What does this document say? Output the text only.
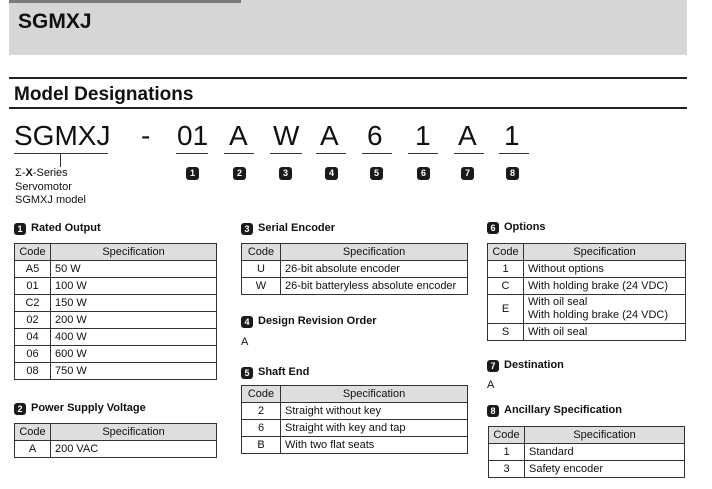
SGMXJ
Model Designations
SGMXJ - 01 A W A 6 1 A 1
1	2	3	4	5	6	7	8
Σ-X-Series
Servomotor
SGMXJ model
1 Rated Output
Code	Specification
A5	50 W
01	100 W
C2	150 W
02	200 W
04	400 W
06	600 W
08	750 W
2 Power Supply Voltage
Code	Specification
A	200 VAC
3 Serial Encoder
Code	Specification
U	26-bit absolute encoder
W	26-bit batteryless absolute encoder
4 Design Revision Order
A
5 Shaft End
Code	Specification
2	Straight without key
6	Straight with key and tap
B	With two flat seats
6 Options
Code	Specification
1	Without options
C	With holding brake (24 VDC)
E	With oil seal
With holding brake (24 VDC)

S	With oil seal
7 Destination
A
8 Ancillary Specification
Code	Specification
1	Standard
3	Safety encoder
